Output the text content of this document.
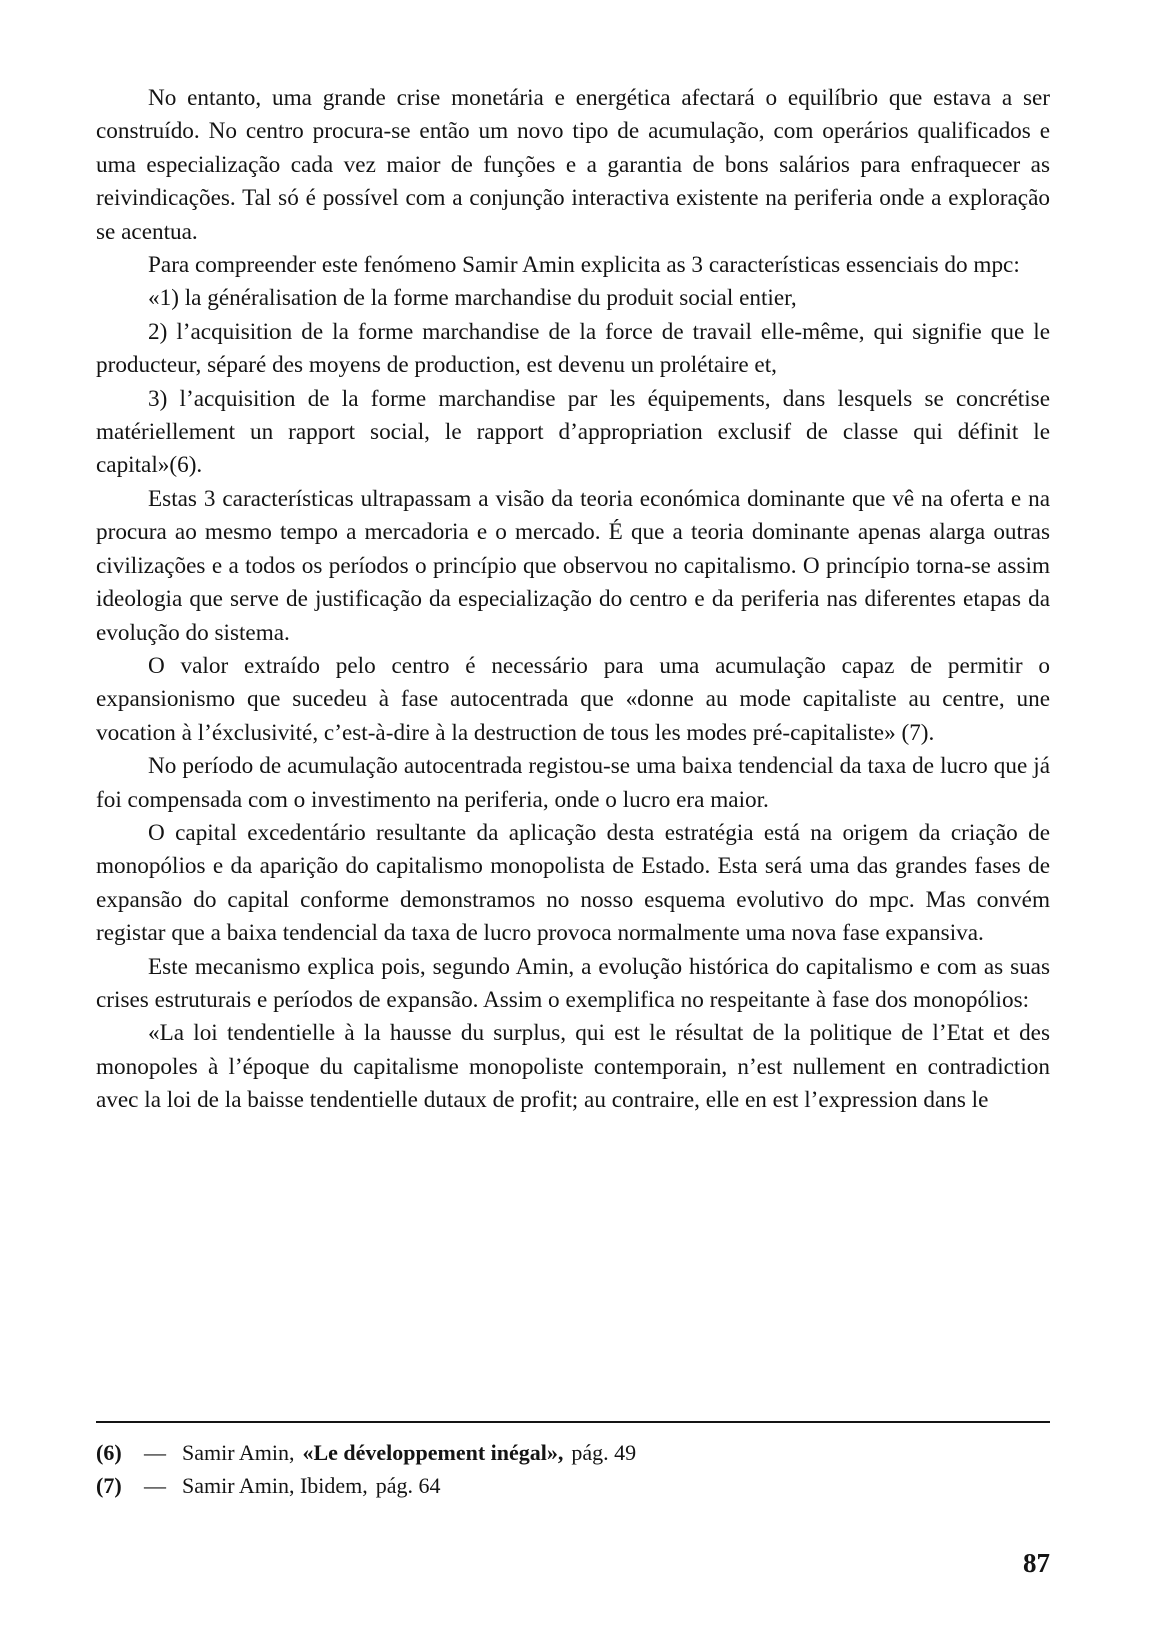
No entanto, uma grande crise monetária e energética afectará o equilíbrio que estava a ser construído. No centro procura-se então um novo tipo de acumulação, com operários qualificados e uma especialização cada vez maior de funções e a garantia de bons salários para enfraquecer as reivindicações. Tal só é possível com a conjunção interactiva existente na periferia onde a exploração se acentua.

Para compreender este fenómeno Samir Amin explicita as 3 características essenciais do mpc:

«1) la généralisation de la forme marchandise du produit social entier,

2) l’acquisition de la forme marchandise de la force de travail elle-même, qui signifie que le producteur, séparé des moyens de production, est devenu un prolétaire et,

3) l’acquisition de la forme marchandise par les équipements, dans lesquels se concrétise matériellement un rapport social, le rapport d’appropriation exclusif de classe qui définit le capital»(6).

Estas 3 características ultrapassam a visão da teoria económica dominante que vê na oferta e na procura ao mesmo tempo a mercadoria e o mercado. É que a teoria dominante apenas alarga outras civilizações e a todos os períodos o princípio que observou no capitalismo. O princípio torna-se assim ideologia que serve de justificação da especialização do centro e da periferia nas diferentes etapas da evolução do sistema.

O valor extraído pelo centro é necessário para uma acumulação capaz de permitir o expansionismo que sucedeu à fase autocentrada que «donne au mode capitaliste au centre, une vocation à l’éxclusivité, c’est-à-dire à la destruction de tous les modes pré-capitaliste» (7).

No período de acumulação autocentrada registou-se uma baixa tendencial da taxa de lucro que já foi compensada com o investimento na periferia, onde o lucro era maior.

O capital excedentário resultante da aplicação desta estratégia está na origem da criação de monopólios e da aparição do capitalismo monopolista de Estado. Esta será uma das grandes fases de expansão do capital conforme demonstramos no nosso esquema evolutivo do mpc. Mas convém registar que a baixa tendencial da taxa de lucro provoca normalmente uma nova fase expansiva.

Este mecanismo explica pois, segundo Amin, a evolução histórica do capitalismo e com as suas crises estruturais e períodos de expansão. Assim o exemplifica no respeitante à fase dos monopólios:

«La loi tendentielle à la hausse du surplus, qui est le résultat de la politique de l’Etat et des monopoles à l’époque du capitalisme monopoliste contemporain, n’est nullement en contradiction avec la loi de la baisse tendentielle dutaux de profit; au contraire, elle en est l’expression dans le

(6)	— Samir Amin, «Le développement inégal», pág. 49
(7)	— Samir Amin, Ibidem, pág. 64
87
